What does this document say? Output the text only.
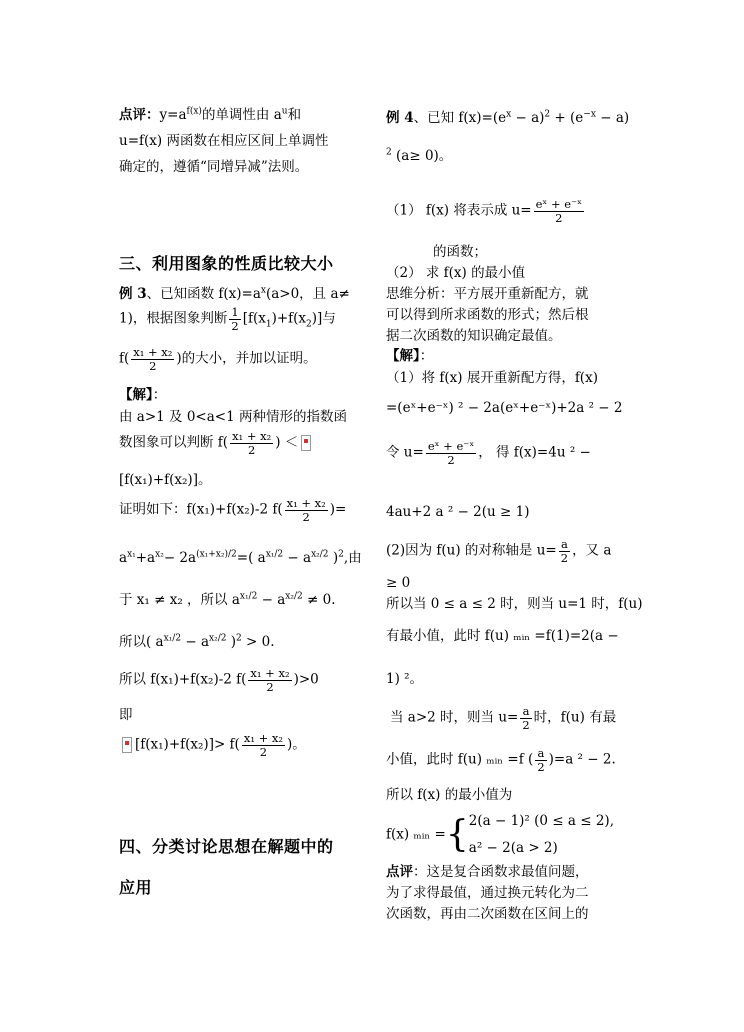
点评：$y=a^{f(x)}$的单调性由 $a^u$和
u=f(x) 两函数在相应区间上单调性
确定的，遵循“同增异减”法则。
三、利用图象的性质比较大小
例 3、已知函数 $f(x)=a^x(a>0$，且 a≠
1)，根据图象判断 $\frac{1}{2} [f(x_1)+f(x_2)]$与
$f( \frac{\text{x₁ + x₂}}{2}$ )的大小，并加以证明。
【解】：
由 a>1 及 0<a<1 两种情形的指数函
数图象可以判断 $f( \frac{\text{x₁ + x₂}}{2}$ ) ＜
[f(x₁)+f(x₂)]。
证明如下：f(x₁)+f(x₂)-2 $f( \frac{\text{x₁ + x₂}}{2}$ )=
$a^{x_1}+a^{x_2}- 2a^{(x_1+x_2)/2}=$( $a^{x_1/2} - a^{x_2/2}$ )$^2$,由
于 x₁ ≠ x₂ ，所以 $a^{x_1/2} - a^{x_2/2} \ne 0$.
所以( $a^{x_1/2} - a^{x_2/2}$ )$^2$ > 0.
所以 f(x₁)+f(x₂)-2 $f( \frac{\text{x₁ + x₂}}{2} )>0$
即
$[f(x_1)+f(x_2)]> f( \frac{\text{x₁ + x₂}}{2}$ )。
四、分类讨论思想在解题中的
应用
例 4、已知 $f(x)=(e^x - a)^2 + (e^{-x} - a)$
$^2$ (a≥ 0)。
（1） f(x) 将表示成 $u= \frac{\text{eˣ + e⁻ˣ}}{2}$
的函数；
（2） 求 f(x) 的最小值
思维分析：平方展开重新配方，就
可以得到所求函数的形式；然后根
据二次函数的知识确定最值。
【解】：
（1）将 f(x) 展开重新配方得，f(x)
=(eˣ+e⁻ˣ) ² − 2a(eˣ+e⁻ˣ)+2a ² − 2
令 $u= \frac{\text{eˣ + e⁻ˣ}}{2}$ ， 得 f(x)=4u ² −
4au+2 a ² − 2(u ≥ 1)
(2)因为 f(u) 的对称轴是 $u= \frac{a}{2}$ ，又 a
≥ 0
所以当 0 ≤ a ≤ 2 时，则当 u=1 时，f(u)
有最小值，此时 f(u) ₘᵢₙ =f(1)=2(a −
1) ²。
当 a>2 时，则当 $u= \frac{a}{2}$ 时，f(u) 有最
小值，此时 f(u) ₘᵢₙ =f ( $\frac{a}{2} )=a$ ² − 2.
所以 f(x) 的最小值为
f(x) ₘᵢₙ ={ 2(a − 1)² (0 ≤ a ≤ 2),
a² − 2(a > 2)
点评：这是复合函数求最值问题，
为了求得最值，通过换元转化为二
次函数，再由二次函数在区间上的
